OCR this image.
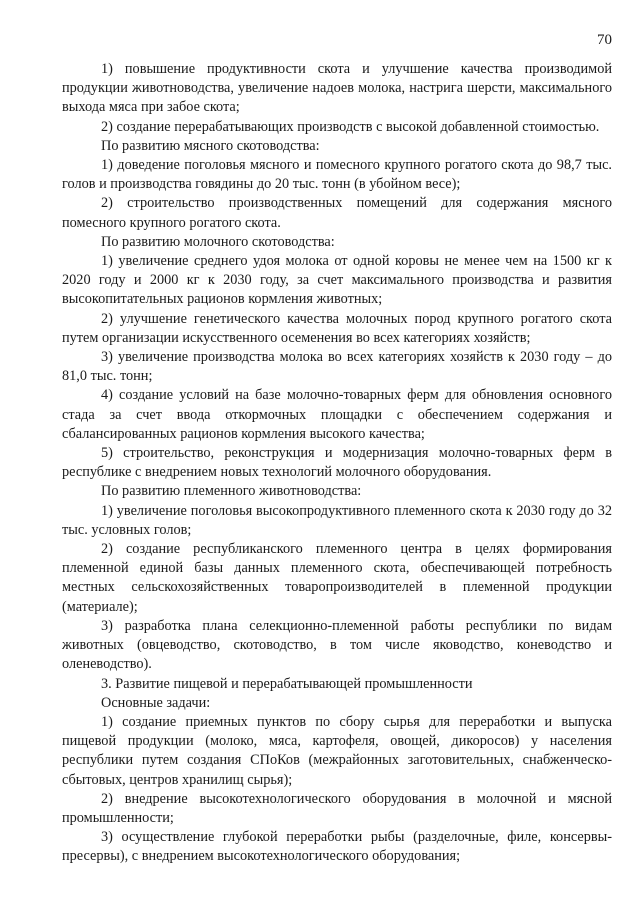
70

1) повышение продуктивности скота и улучшение качества производимой продукции животноводства, увеличение надоев молока, настрига шерсти, максимального выхода мяса при забое скота;

2) создание перерабатывающих производств с высокой добавленной стоимостью.

По развитию мясного скотоводства:

1) доведение поголовья мясного и помесного крупного рогатого скота до 98,7 тыс. голов и производства говядины до 20 тыс. тонн (в убойном весе);

2) строительство производственных помещений для содержания мясного помесного крупного рогатого скота.

По развитию молочного скотоводства:

1) увеличение среднего удоя молока от одной коровы не менее чем на 1500 кг к 2020 году и 2000 кг к 2030 году, за счет максимального производства и развития высокопитательных рационов кормления животных;

2) улучшение генетического качества молочных пород крупного рогатого скота путем организации искусственного осеменения во всех категориях хозяйств;

3) увеличение производства молока во всех категориях хозяйств к 2030 году – до 81,0 тыс. тонн;

4) создание условий на базе молочно-товарных ферм для обновления основного стада за счет ввода откормочных площадки с обеспечением содержания и сбалансированных рационов кормления высокого качества;

5) строительство, реконструкция и модернизация молочно-товарных ферм в республике с внедрением новых технологий молочного оборудования.

По развитию племенного животноводства:

1) увеличение поголовья высокопродуктивного племенного скота к 2030 году до 32 тыс. условных голов;

2) создание республиканского племенного центра в целях формирования племенной единой базы данных племенного скота, обеспечивающей потребность местных сельскохозяйственных товаропроизводителей в племенной продукции (материале);

3) разработка плана селекционно-племенной работы республики по видам животных (овцеводство, скотоводство, в том числе яководство, коневодство и оленеводство).

3. Развитие пищевой и перерабатывающей промышленности

Основные задачи:

1) создание приемных пунктов по сбору сырья для переработки и выпуска пищевой продукции (молоко, мяса, картофеля, овощей, дикоросов) у населения республики путем создания СПоКов (межрайонных заготовительных, снабженческо-сбытовых, центров хранилищ сырья);

2) внедрение высокотехнологического оборудования в молочной и мясной промышленности;

3) осуществление глубокой переработки рыбы (разделочные, филе, консервы-пресервы), с внедрением высокотехнологического оборудования;
